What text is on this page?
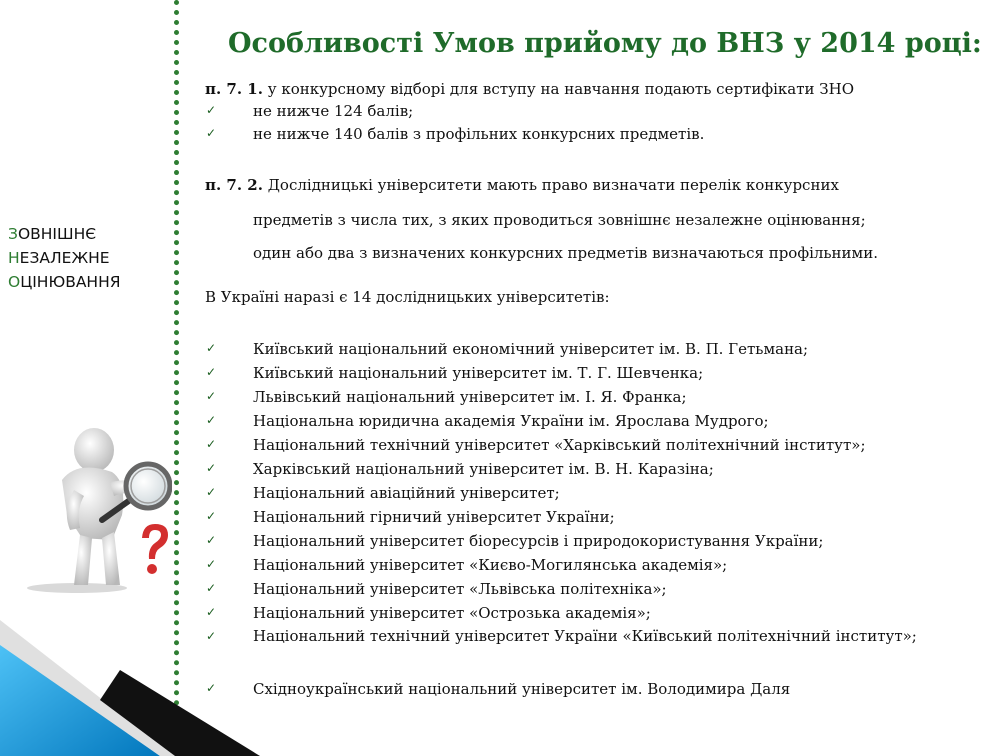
Особливості Умов прийому до ВНЗ у 2014 році:
ЗОВНІШНЄ
НЕЗАЛЕЖНЕ
ОЦІНЮВАННЯ
п. 7. 1. у конкурсному відборі для вступу на навчання подають сертифікати ЗНО
✓ не нижче 124 балів;
✓ не нижче 140 балів з профільних конкурсних предметів.
п. 7. 2. Дослідницькі університети мають право визначати перелік конкурсних
предметів з числа тих, з яких проводиться зовнішнє незалежне оцінювання;
один або два з визначених конкурсних предметів визначаються профільними.
В Україні наразі є 14 дослідницьких університетів:
✓ Київський національний економічний університет ім. В. П. Гетьмана;
✓ Київський національний університет ім. Т. Г. Шевченка;
✓ Львівський національний університет ім. І. Я. Франка;
✓ Національна юридична академія України ім. Ярослава Мудрого;
✓ Національний технічний університет «Харківський політехнічний інститут»;
✓ Харківський національний університет ім. В. Н. Каразіна;
✓ Національний авіаційний університет;
✓ Національний гірничий університет України;
✓ Національний університет біоресурсів і природокористування України;
✓ Національний університет «Києво-Могилянська академія»;
✓ Національний університет «Львівська політехніка»;
✓ Національний університет «Острозька академія»;
✓ Національний технічний університет України «Київський політехнічний інститут»;
✓ Східноукраїнський національний університет ім. Володимира Даля
?
